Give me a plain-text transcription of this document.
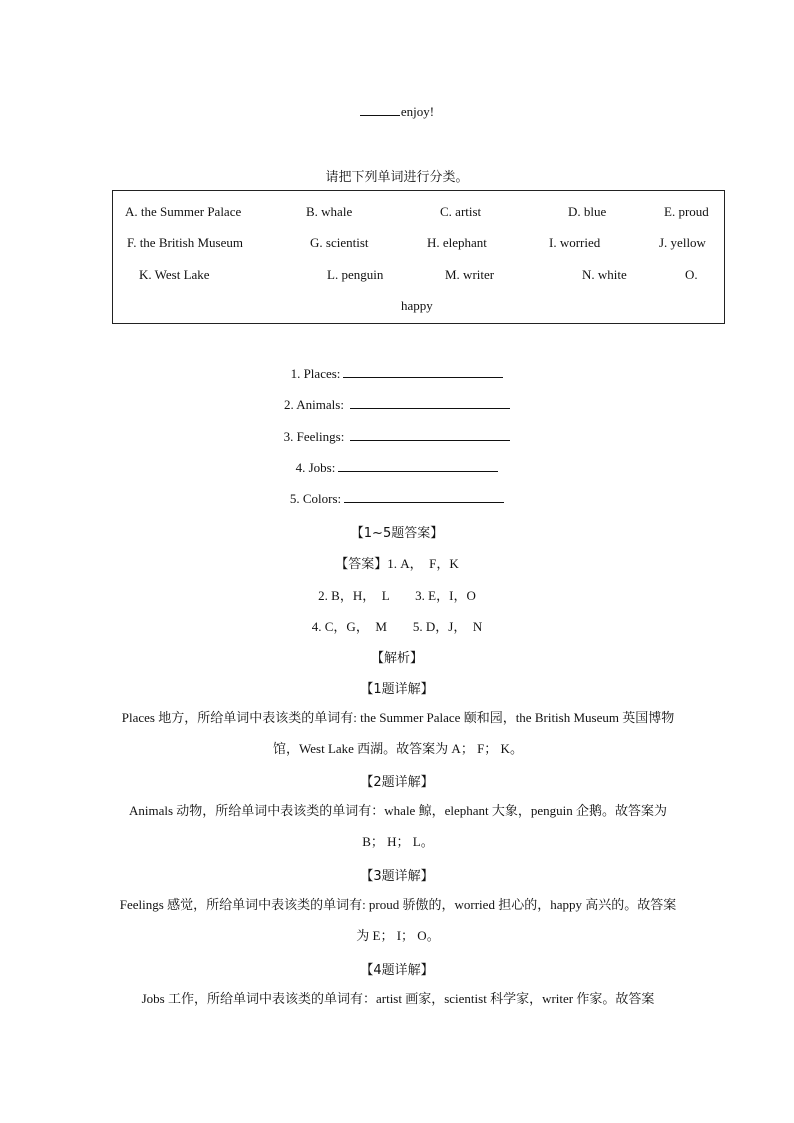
enjoy!
请把下列单词进行分类。
A. the Summer Palace	B. whale	C. artist	D. blue	E. proud
F. the British Museum	G. scientist	H. elephant	I. worried	J. yellow
K. West Lake	L. penguin	M. writer	N. white	O.
happy
1. Places:
2. Animals:
3. Feelings:
4. Jobs:
5. Colors:
【1~5题答案】
【答案】1. A，  F，K
2. B，H，  L        3. E，I，O
4. C，G，  M        5. D，J，  N
【解析】
【1题详解】
Places 地方，所给单词中表该类的单词有: the Summer Palace 颐和园，the British Museum 英国博物馆，West Lake 西湖。故答案为 A； F； K。
【2题详解】
Animals 动物，所给单词中表该类的单词有：whale 鲸，elephant 大象，penguin 企鹅。故答案为 B； H； L。
【3题详解】
Feelings 感觉，所给单词中表该类的单词有: proud 骄傲的，worried 担心的，happy 高兴的。故答案为 E； I； O。
【4题详解】
Jobs 工作，所给单词中表该类的单词有：artist 画家，scientist 科学家，writer 作家。故答案
